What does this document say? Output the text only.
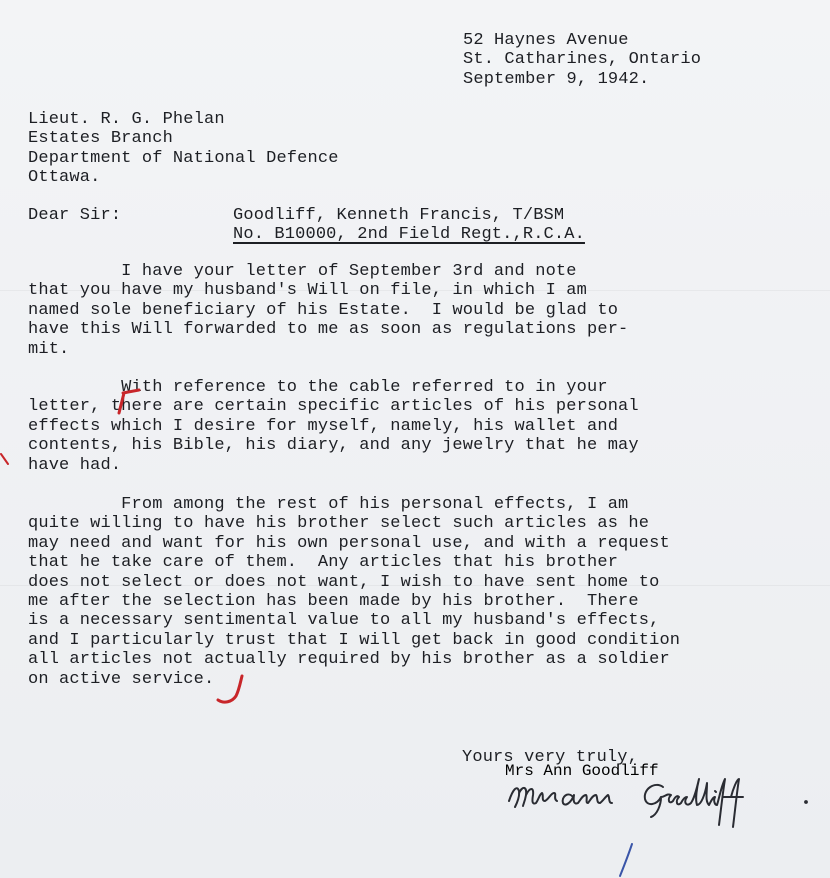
52 Haynes Avenue
St. Catharines, Ontario
September 9, 1942.
Lieut. R. G. Phelan
Estates Branch
Department of National Defence
Ottawa.
Dear Sir:	Goodliff, Kenneth Francis, T/BSM
No. B10000, 2nd Field Regt.,R.C.A.
I have your letter of September 3rd and note
that you have my husband's Will on file, in which I am
named sole beneficiary of his Estate.  I would be glad to
have this Will forwarded to me as soon as regulations per-
mit.
With reference to the cable referred to in your
letter, there are certain specific articles of his personal
effects which I desire for myself, namely, his wallet and
contents, his Bible, his diary, and any jewelry that he may
have had.
From among the rest of his personal effects, I am
quite willing to have his brother select such articles as he
may need and want for his own personal use, and with a request
that he take care of them.  Any articles that his brother
does not select or does not want, I wish to have sent home to
me after the selection has been made by his brother.  There
is a necessary sentimental value to all my husband's effects,
and I particularly trust that I will get back in good condition
all articles not actually required by his brother as a soldier
on active service.
Yours very truly,
Mrs Ann Goodliff
